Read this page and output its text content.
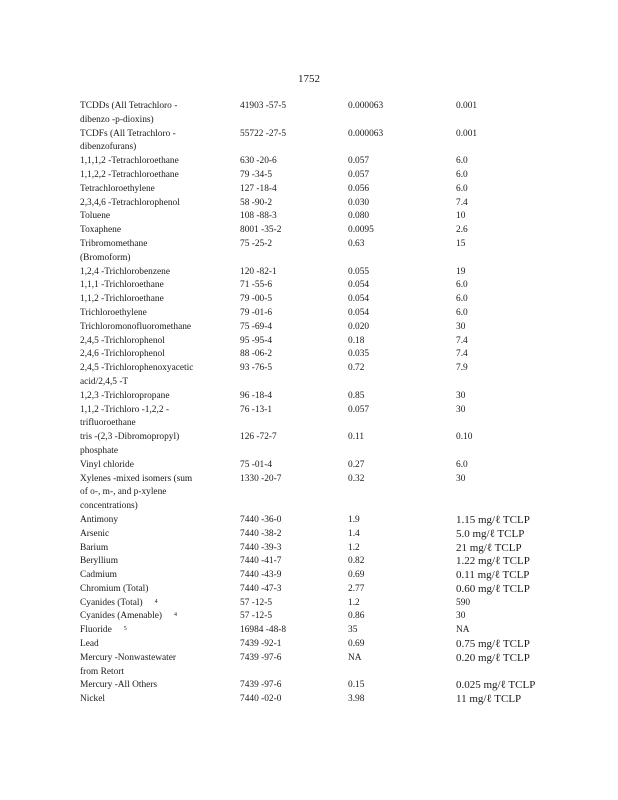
1752
TCDDs (All Tetrachloro -
dibenzo -p-dioxins)
41903 -57-5	0.000063	0.001
TCDFs (All Tetrachloro -
dibenzofurans)
55722 -27-5	0.000063	0.001
1,1,1,2 -Tetrachloroethane	630 -20-6	0.057	6.0
1,1,2,2 -Tetrachloroethane	79 -34-5	0.057	6.0
Tetrachloroethylene	127 -18-4	0.056	6.0
2,3,4,6 -Tetrachlorophenol	58 -90-2	0.030	7.4
Toluene	108 -88-3	0.080	10
Toxaphene	8001 -35-2	0.0095	2.6
Tribromomethane
(Bromoform)
75 -25-2	0.63	15
1,2,4 -Trichlorobenzene	120 -82-1	0.055	19
1,1,1 -Trichloroethane	71 -55-6	0.054	6.0
1,1,2 -Trichloroethane	79 -00-5	0.054	6.0
Trichloroethylene	79 -01-6	0.054	6.0
Trichloromonofluoromethane	75 -69-4	0.020	30
2,4,5 -Trichlorophenol	95 -95-4	0.18	7.4
2,4,6 -Trichlorophenol	88 -06-2	0.035	7.4
2,4,5 -Trichlorophenoxyacetic
acid/2,4,5 -T
93 -76-5	0.72	7.9
1,2,3 -Trichloropropane	96 -18-4	0.85	30
1,1,2 -Trichloro -1,2,2 -
trifluoroethane
76 -13-1	0.057	30
tris -(2,3 -Dibromopropyl)
phosphate
126 -72-7	0.11	0.10
Vinyl chloride	75 -01-4	0.27	6.0
Xylenes -mixed isomers (sum
of o-, m-, and p-xylene
concentrations)
1330 -20-7	0.32	30
Antimony	7440 -36-0	1.9	1.15 mg/ℓ TCLP
Arsenic	7440 -38-2	1.4	5.0 mg/ℓ TCLP
Barium	7440 -39-3	1.2	21 mg/ℓ TCLP
Beryllium	7440 -41-7	0.82	1.22 mg/ℓ TCLP
Cadmium	7440 -43-9	0.69	0.11 mg/ℓ TCLP
Chromium (Total)	7440 -47-3	2.77	0.60 mg/ℓ TCLP
Cyanides (Total) $^4$	57 -12-5	1.2	590
Cyanides (Amenable) $^4$	57 -12-5	0.86	30
Fluoride $^5$	16984 -48-8	35	NA
Lead	7439 -92-1	0.69	0.75 mg/ℓ TCLP
Mercury -Nonwastewater
from Retort
7439 -97-6	NA	0.20 mg/ℓ TCLP
Mercury -All Others	7439 -97-6	0.15	0.025 mg/ℓ TCLP
Nickel	7440 -02-0	3.98	11 mg/ℓ TCLP
